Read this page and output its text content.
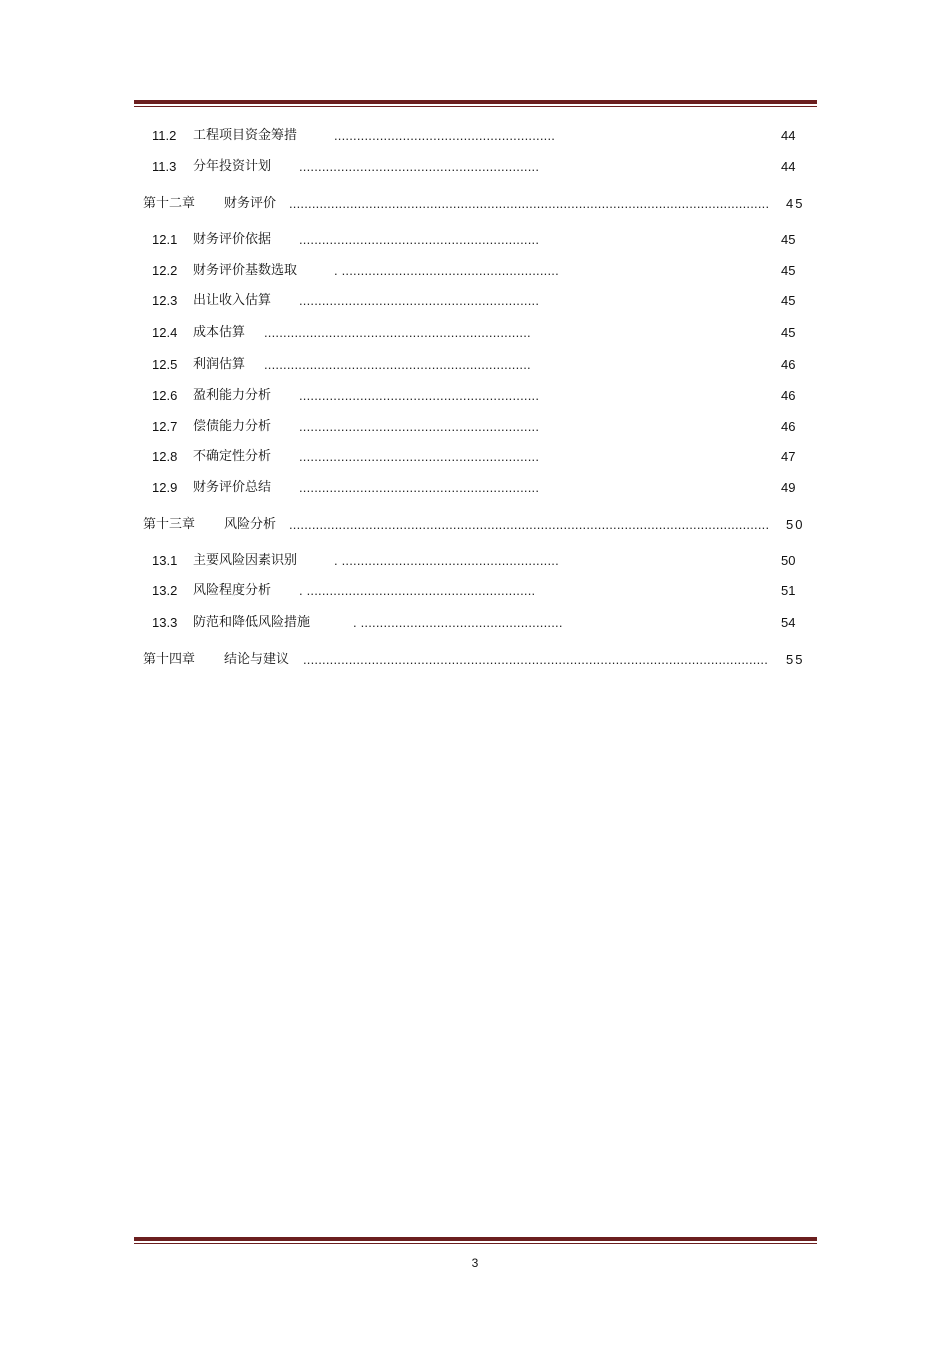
11.2 工程项目资金筹措	..........................................................	44
11.3 分年投资计划 ...............................................................	44
第十二章 财务评价 .............................................................................................................................. 45
12.1 财务评价依据 ...............................................................	45
12.2 财务评价基数选取	. .........................................................	45
12.3 出让收入估算 ...............................................................	45
12.4 成本估算 ......................................................................	45
12.5 利润估算 ......................................................................	46
12.6 盈利能力分析 ...............................................................	46
12.7 偿债能力分析 ...............................................................	46
12.8 不确定性分析 ...............................................................	47
12.9 财务评价总结 ...............................................................	49
第十三章 风险分析 .............................................................................................................................. 50
13.1 主要风险因素识别	. .........................................................	50
13.2 风险程度分析 . ............................................................	51
13.3 防范和降低风险措施	. .....................................................	54
第十四章 结论与建议 .......................................................................................................................... 55
3
